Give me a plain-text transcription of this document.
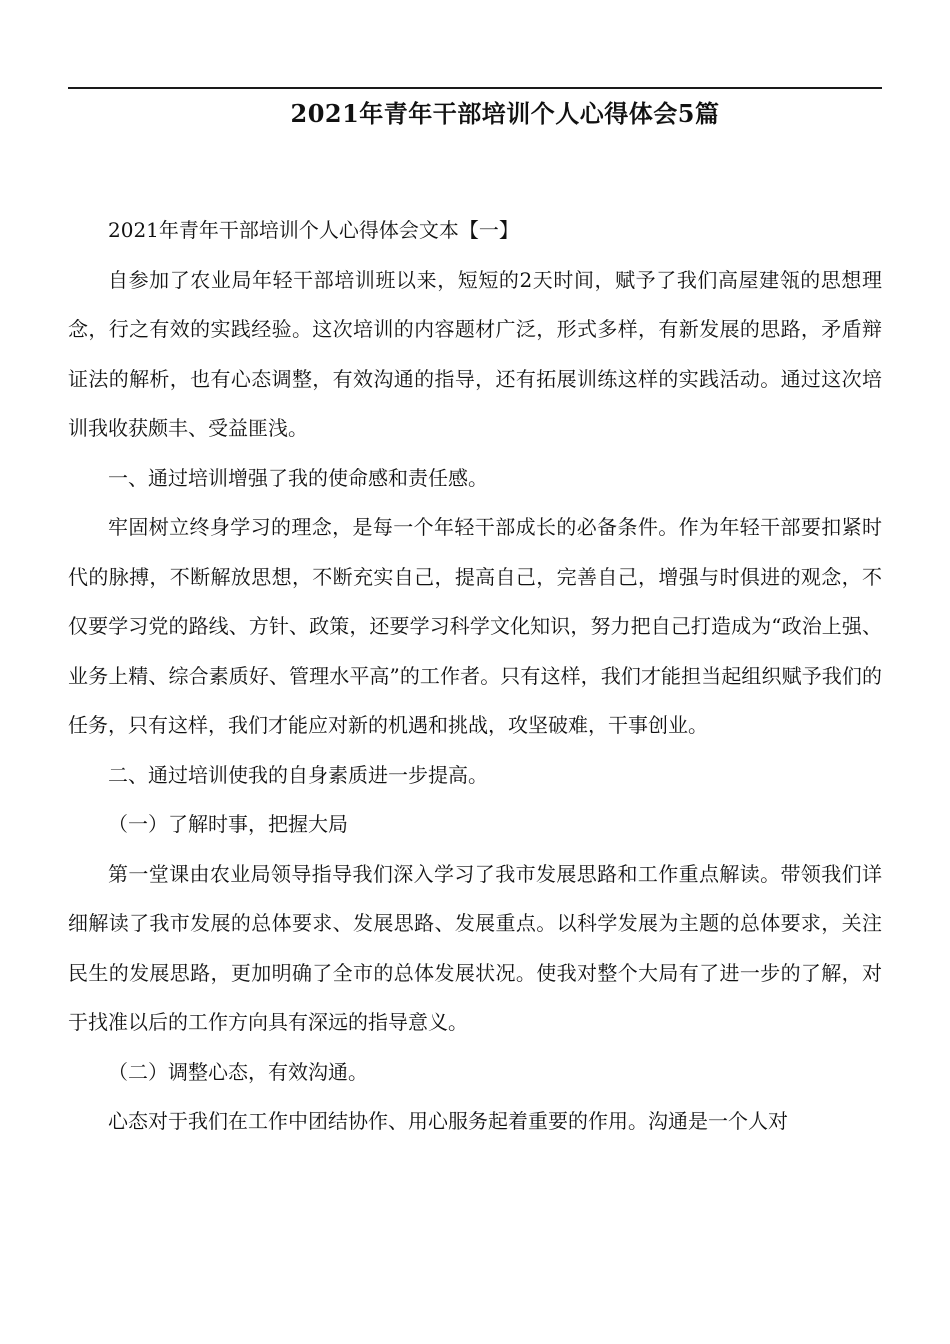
2021年青年干部培训个人心得体会5篇

2021年青年干部培训个人心得体会文本【一】

自参加了农业局年轻干部培训班以来，短短的2天时间，赋予了我们高屋建瓴的思想理念，行之有效的实践经验。这次培训的内容题材广泛，形式多样，有新发展的思路，矛盾辩证法的解析，也有心态调整，有效沟通的指导，还有拓展训练这样的实践活动。通过这次培训我收获颇丰、受益匪浅。

一、通过培训增强了我的使命感和责任感。

牢固树立终身学习的理念，是每一个年轻干部成长的必备条件。作为年轻干部要扣紧时代的脉搏，不断解放思想，不断充实自己，提高自己，完善自己，增强与时俱进的观念，不仅要学习党的路线、方针、政策，还要学习科学文化知识，努力把自己打造成为“政治上强、业务上精、综合素质好、管理水平高”的工作者。只有这样，我们才能担当起组织赋予我们的任务，只有这样，我们才能应对新的机遇和挑战，攻坚破难，干事创业。

二、通过培训使我的自身素质进一步提高。

（一）了解时事，把握大局

第一堂课由农业局领导指导我们深入学习了我市发展思路和工作重点解读。带领我们详细解读了我市发展的总体要求、发展思路、发展重点。以科学发展为主题的总体要求，关注民生的发展思路，更加明确了全市的总体发展状况。使我对整个大局有了进一步的了解，对于找准以后的工作方向具有深远的指导意义。

（二）调整心态，有效沟通。

心态对于我们在工作中团结协作、用心服务起着重要的作用。沟通是一个人对
